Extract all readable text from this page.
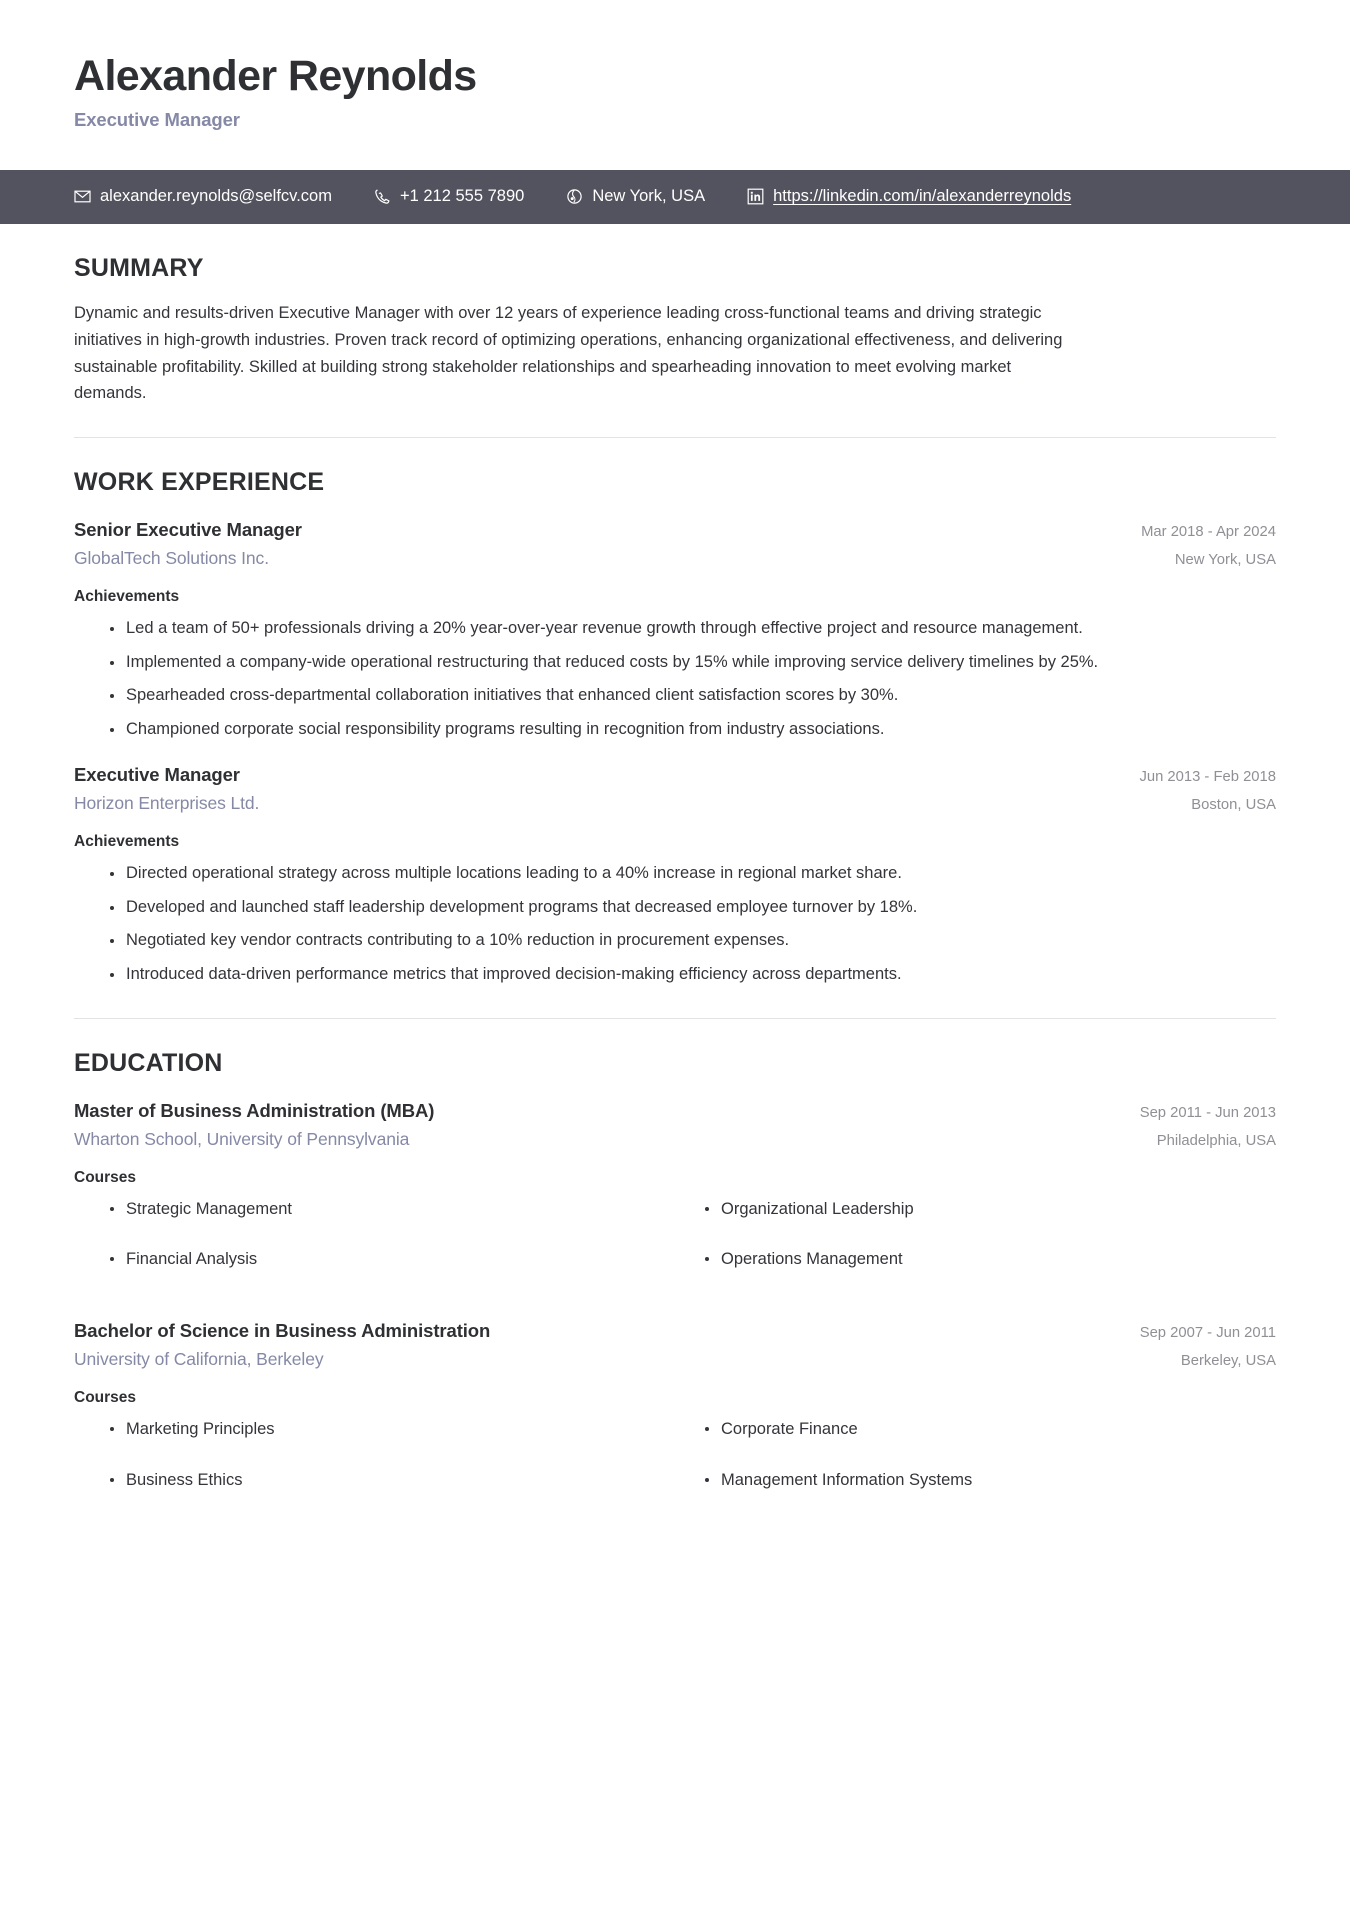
Alexander Reynolds
Executive Manager
alexander.reynolds@selfcv.com	+1 212 555 7890	New York, USA	https://linkedin.com/in/alexanderreynolds
SUMMARY
Dynamic and results-driven Executive Manager with over 12 years of experience leading cross-functional teams and driving strategic initiatives in high-growth industries. Proven track record of optimizing operations, enhancing organizational effectiveness, and delivering sustainable profitability. Skilled at building strong stakeholder relationships and spearheading innovation to meet evolving market demands.
WORK EXPERIENCE
Senior Executive Manager	Mar 2018 - Apr 2024
GlobalTech Solutions Inc.	New York, USA
Achievements
Led a team of 50+ professionals driving a 20% year-over-year revenue growth through effective project and resource management.
Implemented a company-wide operational restructuring that reduced costs by 15% while improving service delivery timelines by 25%.
Spearheaded cross-departmental collaboration initiatives that enhanced client satisfaction scores by 30%.
Championed corporate social responsibility programs resulting in recognition from industry associations.
Executive Manager	Jun 2013 - Feb 2018
Horizon Enterprises Ltd.	Boston, USA
Achievements
Directed operational strategy across multiple locations leading to a 40% increase in regional market share.
Developed and launched staff leadership development programs that decreased employee turnover by 18%.
Negotiated key vendor contracts contributing to a 10% reduction in procurement expenses.
Introduced data-driven performance metrics that improved decision-making efficiency across departments.
EDUCATION
Master of Business Administration (MBA)	Sep 2011 - Jun 2013
Wharton School, University of Pennsylvania	Philadelphia, USA
Courses
Strategic Management	Organizational Leadership
Financial Analysis	Operations Management
Bachelor of Science in Business Administration	Sep 2007 - Jun 2011
University of California, Berkeley	Berkeley, USA
Courses
Marketing Principles	Corporate Finance
Business Ethics	Management Information Systems
